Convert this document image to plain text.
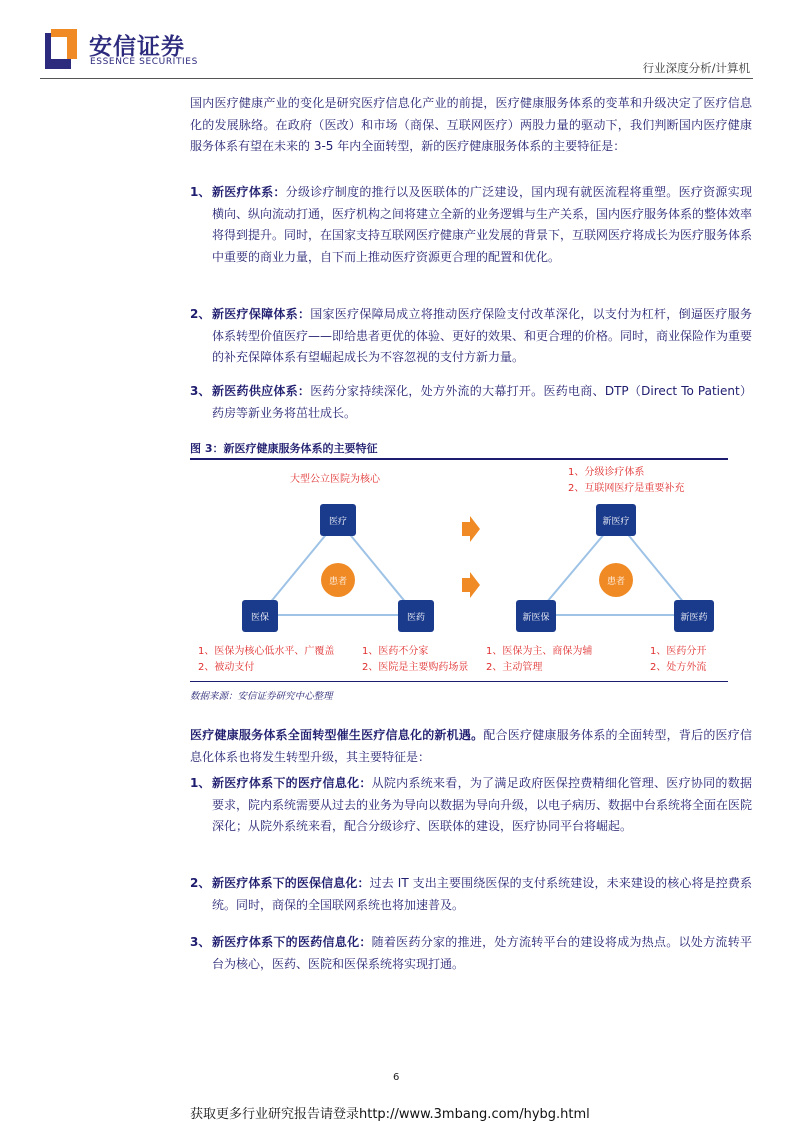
安信证券
ESSENCE SECURITIES	行业深度分析/计算机
国内医疗健康产业的变化是研究医疗信息化产业的前提，医疗健康服务体系的变革和升级决定了医疗信息化的发展脉络。在政府（医改）和市场（商保、互联网医疗）两股力量的驱动下，我们判断国内医疗健康服务体系有望在未来的 3-5 年内全面转型，新的医疗健康服务体系的主要特征是：
1、 新医疗体系：分级诊疗制度的推行以及医联体的广泛建设，国内现有就医流程将重塑。医疗资源实现横向、纵向流动打通，医疗机构之间将建立全新的业务逻辑与生产关系，国内医疗服务体系的整体效率将得到提升。同时，在国家支持互联网医疗健康产业发展的背景下，互联网医疗将成长为医疗服务体系中重要的商业力量，自下而上推动医疗资源更合理的配置和优化。
2、 新医疗保障体系：国家医疗保障局成立将推动医疗保险支付改革深化，以支付为杠杆，倒逼医疗服务体系转型价值医疗——即给患者更优的体验、更好的效果、和更合理的价格。同时，商业保险作为重要的补充保障体系有望崛起成长为不容忽视的支付方新力量。
3、 新医药供应体系：医药分家持续深化，处方外流的大幕打开。医药电商、DTP（Direct To Patient）药房等新业务将茁壮成长。
图 3：新医疗健康服务体系的主要特征
大型公立医院为核心
患者
医疗
医保	医药
1、医保为核心低水平、广覆盖
2、被动支付
1、医药不分家
2、医院是主要购药场景
1、分级诊疗体系
2、互联网医疗是重要补充
患者
新医疗
新医保	新医药
1、医保为主、商保为辅
2、主动管理
1、医药分开
2、处方外流
数据来源：安信证券研究中心整理
医疗健康服务体系全面转型催生医疗信息化的新机遇。配合医疗健康服务体系的全面转型，背后的医疗信息化体系也将发生转型升级，其主要特征是：
1、 新医疗体系下的医疗信息化：从院内系统来看，为了满足政府医保控费精细化管理、医疗协同的数据要求，院内系统需要从过去的业务为导向以数据为导向升级，以电子病历、数据中台系统将全面在医院深化；从院外系统来看，配合分级诊疗、医联体的建设，医疗协同平台将崛起。
2、 新医疗体系下的医保信息化：过去 IT 支出主要围绕医保的支付系统建设，未来建设的核心将是控费系统。同时，商保的全国联网系统也将加速普及。
3、 新医疗体系下的医药信息化：随着医药分家的推进，处方流转平台的建设将成为热点。以处方流转平台为核心，医药、医院和医保系统将实现打通。
6
获取更多行业研究报告请登录http://www.3mbang.com/hybg.html
